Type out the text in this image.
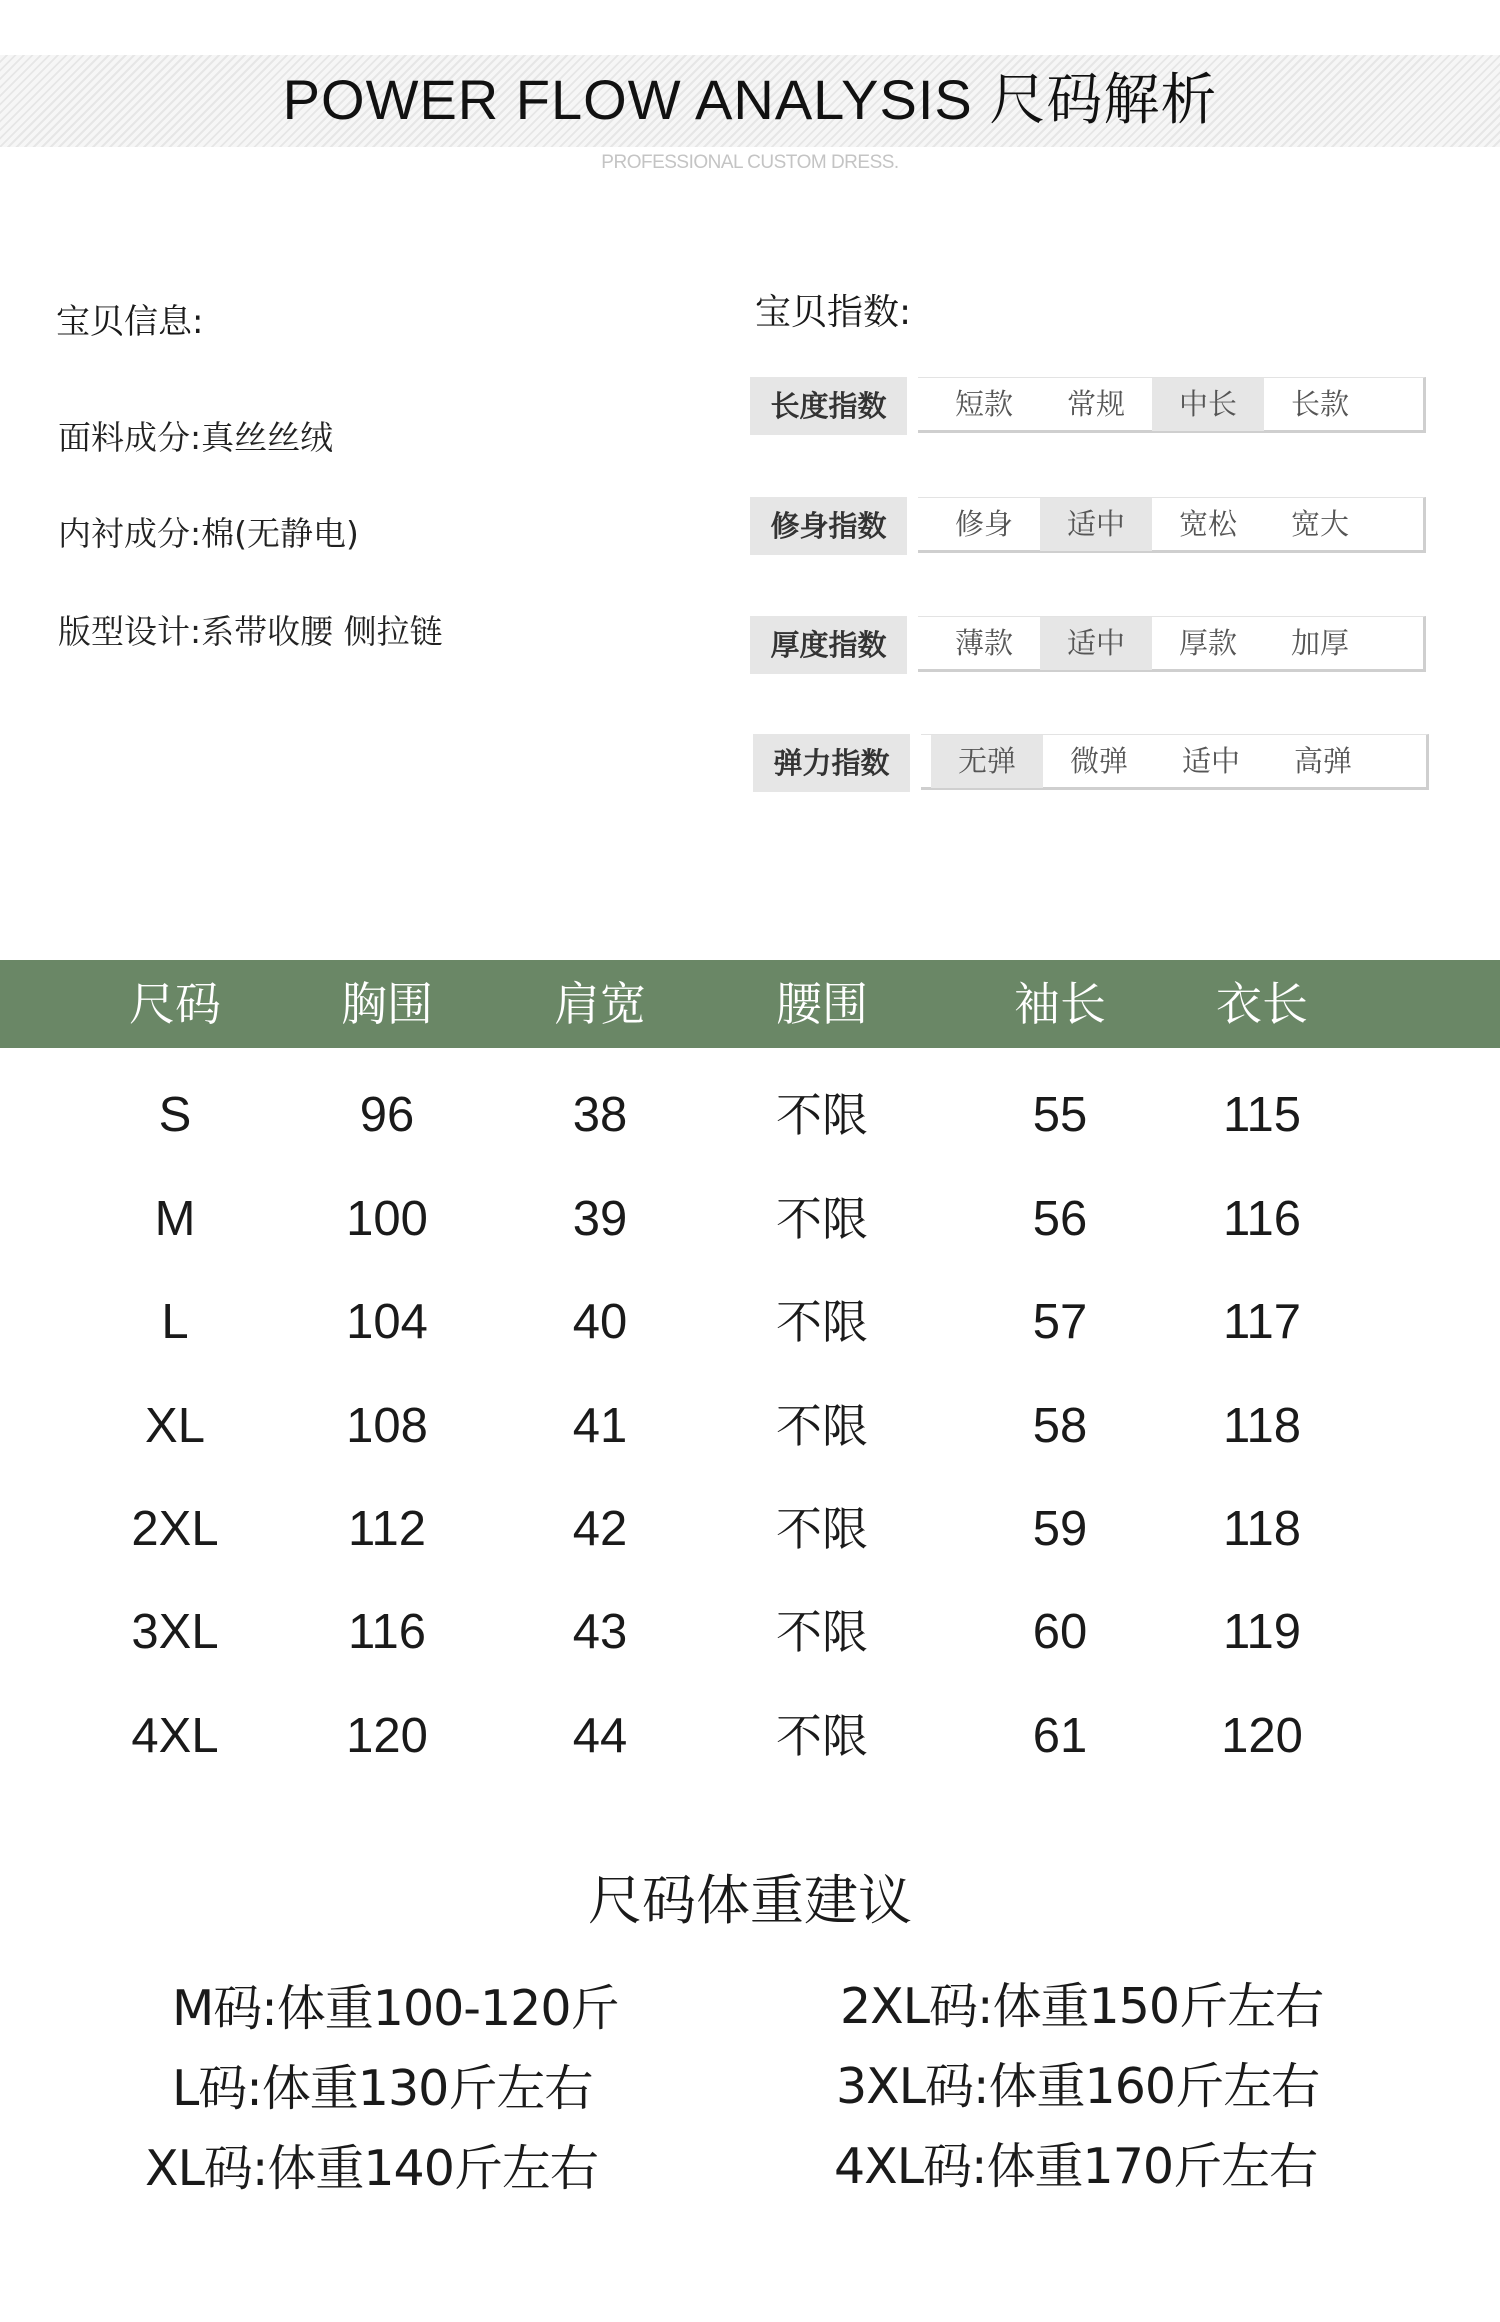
POWER FLOW ANALYSIS 尺码解析
PROFESSIONAL CUSTOM DRESS.
宝贝信息:
面料成分:真丝丝绒
内衬成分:棉(无静电)
版型设计:系带收腰 侧拉链
宝贝指数:
长度指数	短款	常规	中长	长款
修身指数	修身	适中	宽松	宽大
厚度指数	薄款	适中	厚款	加厚
弹力指数	无弹	微弹	适中	高弹
尺码	胸围	肩宽	腰围	袖长 衣长
S	96	38	不限	55	115
M	100	39	不限	56	116
L	104	40	不限	57	117
XL	108	41	不限	58	118
2XL	112	42	不限	59	118
3XL	116	43	不限	60	119
4XL	120	44	不限	61	120
尺码体重建议
M码:体重100-120斤
L码:体重130斤左右
XL码:体重140斤左右
2XL码:体重150斤左右
3XL码:体重160斤左右
4XL码:体重170斤左右
